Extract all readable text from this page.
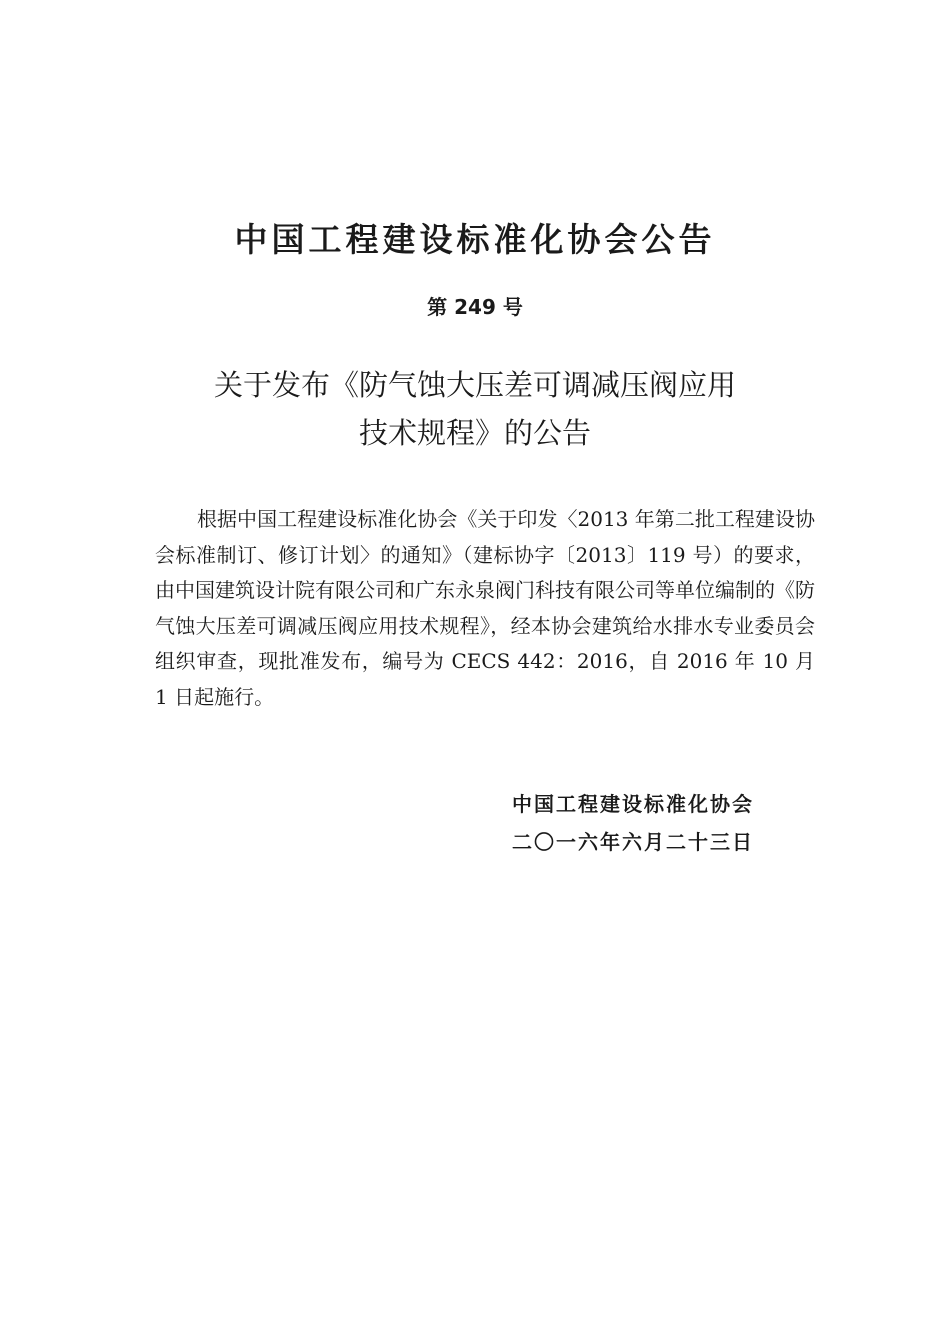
中国工程建设标准化协会公告
第 249 号
关于发布《防气蚀大压差可调减压阀应用
技术规程》的公告

根据中国工程建设标准化协会《关于印发〈2013 年第二批工程建设协会标准制订、修订计划〉的通知》（建标协字〔2013〕119 号）的要求，由中国建筑设计院有限公司和广东永泉阀门科技有限公司等单位编制的《防气蚀大压差可调减压阀应用技术规程》，经本协会建筑给水排水专业委员会组织审查，现批准发布，编号为 CECS 442：2016，自 2016 年 10 月 1 日起施行。

中国工程建设标准化协会
二〇一六年六月二十三日
